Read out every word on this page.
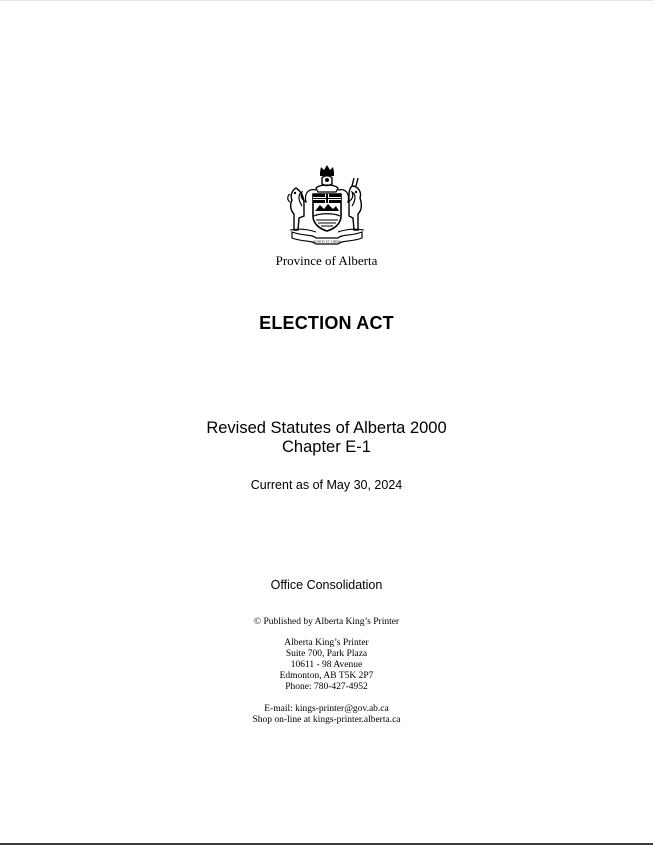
FORTIS ET LIBER
Province of Alberta
ELECTION ACT
Revised Statutes of Alberta 2000
Chapter E-1
Current as of May 30, 2024
Office Consolidation
© Published by Alberta King’s Printer
Alberta King’s Printer
Suite 700, Park Plaza
10611 - 98 Avenue
Edmonton, AB T5K 2P7
Phone: 780-427-4952
E-mail: kings-printer@gov.ab.ca
Shop on-line at kings-printer.alberta.ca
